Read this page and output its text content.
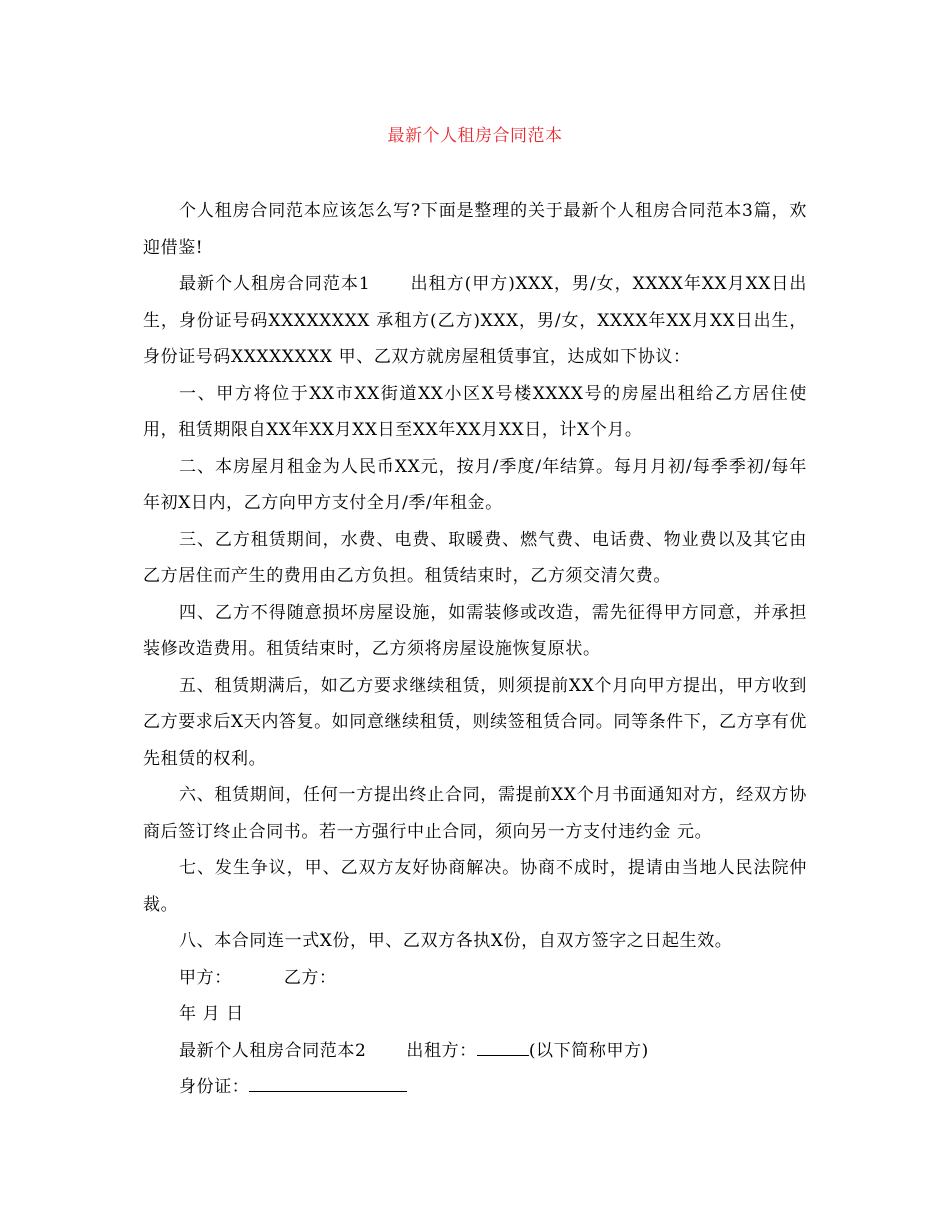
最新个人租房合同范本

个人租房合同范本应该怎么写?下面是整理的关于最新个人租房合同范本3篇，欢迎借鉴!

最新个人租房合同范本1 出租方(甲方)XXX，男/女，XXXX年XX月XX日出生，身份证号码XXXXXXXX 承租方(乙方)XXX，男/女，XXXX年XX月XX日出生，身份证号码XXXXXXXX 甲、乙双方就房屋租赁事宜，达成如下协议：

一、甲方将位于XX市XX街道XX小区X号楼XXXX号的房屋出租给乙方居住使用，租赁期限自XX年XX月XX日至XX年XX月XX日，计X个月。

二、本房屋月租金为人民币XX元，按月/季度/年结算。每月月初/每季季初/每年年初X日内，乙方向甲方支付全月/季/年租金。

三、乙方租赁期间，水费、电费、取暖费、燃气费、电话费、物业费以及其它由乙方居住而产生的费用由乙方负担。租赁结束时，乙方须交清欠费。

四、乙方不得随意损坏房屋设施，如需装修或改造，需先征得甲方同意，并承担装修改造费用。租赁结束时，乙方须将房屋设施恢复原状。

五、租赁期满后，如乙方要求继续租赁，则须提前XX个月向甲方提出，甲方收到乙方要求后X天内答复。如同意继续租赁，则续签租赁合同。同等条件下，乙方享有优先租赁的权利。

六、租赁期间，任何一方提出终止合同，需提前XX个月书面通知对方，经双方协商后签订终止合同书。若一方强行中止合同，须向另一方支付违约金 元。

七、发生争议，甲、乙双方友好协商解决。协商不成时，提请由当地人民法院仲裁。

八、本合同连一式X份，甲、乙双方各执X份，自双方签字之日起生效。

甲方：	乙方：

年 月 日

最新个人租房合同范本2 出租方：	(以下简称甲方)

身份证：
